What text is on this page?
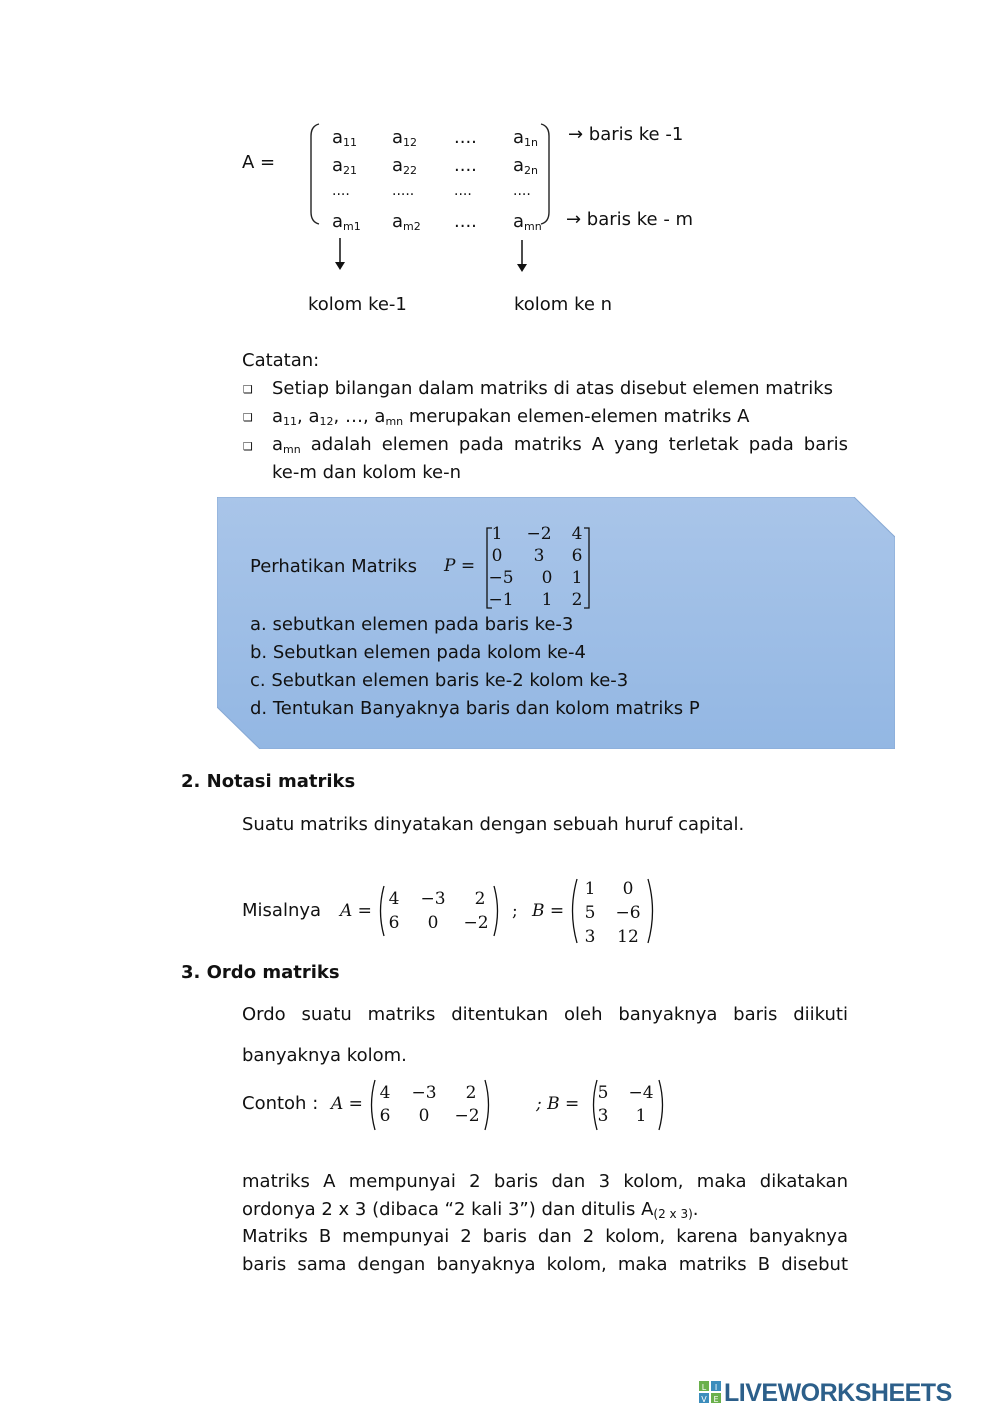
A =
$a_{11}$ $a_{12}$ .... $a_{1n}$
$a_{21}$ $a_{22}$ .... $a_{2n}$
....	.....	....	....
$a_{m1}$ $a_{m2}$ .... $a_{mn}$
→ baris ke -1
→ baris ke - m
kolom ke-1	kolom ke n
Catatan:
❑ Setiap bilangan dalam matriks di atas disebut elemen matriks
❑ $a_{11}$, $a_{12}$, …, $a_{mn}$ merupakan elemen-elemen matriks A
❑ $a_{mn}$ adalah elemen pada matriks A yang terletak pada baris
ke-m dan kolom ke-n
Perhatikan Matriks P =
1	−2	4
0	3	6
−5	0	1
−1	1	2
a. sebutkan elemen pada baris ke-3
b. Sebutkan elemen pada kolom ke-4
c. Sebutkan elemen baris ke-2 kolom ke-3
d. Tentukan Banyaknya baris dan kolom matriks P
2. Notasi matriks
Suatu matriks dinyatakan dengan sebuah huruf capital.
Misalnya A =
4	−3	2
6	0	−2
; B =
1	0
5	−6
3	12
3. Ordo matriks
Ordo suatu matriks ditentukan oleh banyaknya baris diikuti
banyaknya kolom.
Contoh : A =
4	−3	2
6	0	−2
; B =
5	−4
3	1
matriks A mempunyai 2 baris dan 3 kolom, maka dikatakan
ordonya 2 x 3 (dibaca “2 kali 3”) dan ditulis $A_{(2 x 3)}$.
Matriks B mempunyai 2 baris dan 2 kolom, karena banyaknya
baris sama dengan banyaknya kolom, maka matriks B disebut
L I
V E LIVEWORKSHEETS
